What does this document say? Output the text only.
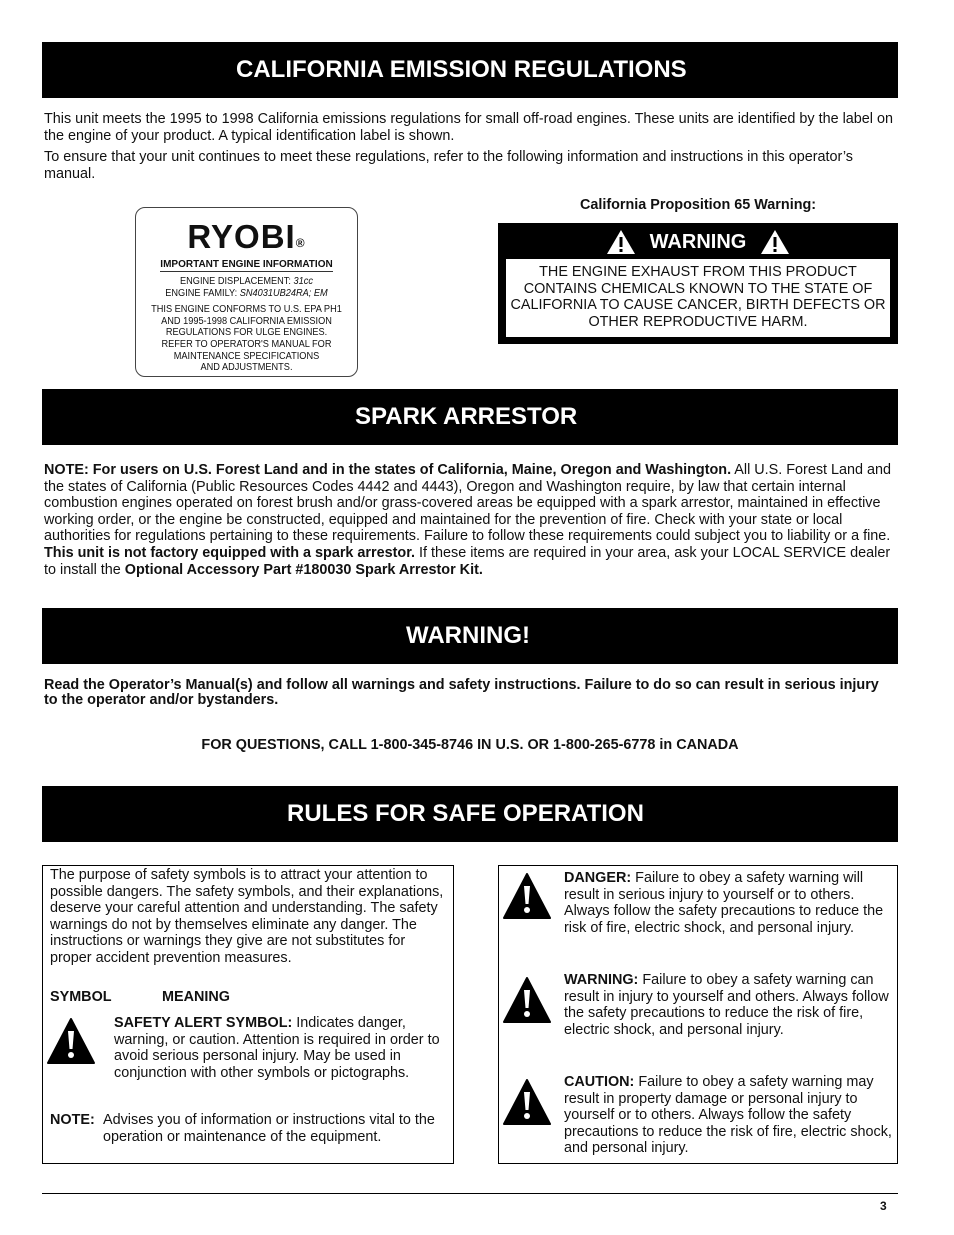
CALIFORNIA EMISSION REGULATIONS
This unit meets the 1995 to 1998 California emissions regulations for small off-road engines. These units are identified by the label on the engine of your product. A typical identification label is shown.
To ensure that your unit continues to meet these regulations, refer to the following information and instructions in this operator’s manual.
RYOBI®
IMPORTANT ENGINE INFORMATION
ENGINE DISPLACEMENT: 31cc
ENGINE FAMILY: SN4031UB24RA; EM
THIS ENGINE CONFORMS TO U.S. EPA PH1
AND 1995-1998 CALIFORNIA EMISSION
REGULATIONS FOR ULGE ENGINES.
REFER TO OPERATOR'S MANUAL FOR
MAINTENANCE SPECIFICATIONS
AND ADJUSTMENTS.
California Proposition 65 Warning:
WARNING
THE ENGINE EXHAUST FROM THIS PRODUCT CONTAINS CHEMICALS KNOWN TO THE STATE OF CALIFORNIA TO CAUSE CANCER, BIRTH DEFECTS OR OTHER REPRODUCTIVE HARM.
SPARK ARRESTOR
NOTE: For users on U.S. Forest Land and in the states of California, Maine, Oregon and Washington. All U.S. Forest Land and the states of California (Public Resources Codes 4442 and 4443), Oregon and Washington require, by law that certain internal combustion engines operated on forest brush and/or grass-covered areas be equipped with a spark arrestor, maintained in effective working order, or the engine be constructed, equipped and maintained for the prevention of fire. Check with your state or local authorities for regulations pertaining to these requirements. Failure to follow these requirements could subject you to liability or a fine. This unit is not factory equipped with a spark arrestor. If these items are required in your area, ask your LOCAL SERVICE dealer to install the Optional Accessory Part #180030 Spark Arrestor Kit.
WARNING!
Read the Operator’s Manual(s) and follow all warnings and safety instructions. Failure to do so can result in serious injury to the operator and/or bystanders.
FOR QUESTIONS, CALL 1-800-345-8746 IN U.S. OR 1-800-265-6778 in CANADA
RULES FOR SAFE OPERATION
The purpose of safety symbols is to attract your attention to possible dangers. The safety symbols, and their explanations, deserve your careful attention and understanding. The safety warnings do not by themselves eliminate any danger. The instructions or warnings they give are not substitutes for proper accident prevention measures.
SYMBOL	MEANING
SAFETY ALERT SYMBOL: Indicates danger, warning, or caution. Attention is required in order to avoid serious personal injury. May be used in conjunction with other symbols or pictographs.
NOTE: Advises you of information or instructions vital to the operation or maintenance of the equipment.
DANGER: Failure to obey a safety warning will result in serious injury to yourself or to others. Always follow the safety precautions to reduce the risk of fire, electric shock, and personal injury.
WARNING: Failure to obey a safety warning can result in injury to yourself and others. Always follow the safety precautions to reduce the risk of fire, electric shock, and personal injury.
CAUTION: Failure to obey a safety warning may result in property damage or personal injury to yourself or to others. Always follow the safety precautions to reduce the risk of fire, electric shock, and personal injury.
3
